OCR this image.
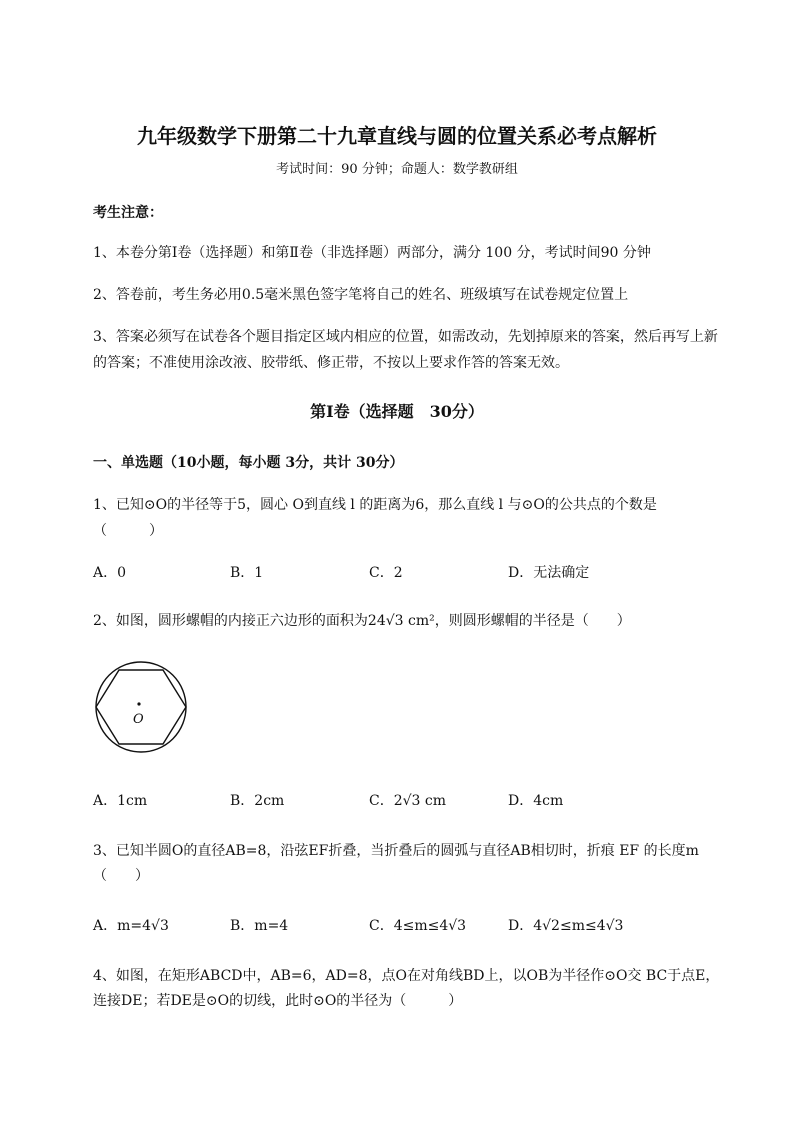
九年级数学下册第二十九章直线与圆的位置关系必考点解析
考试时间：90 分钟；命题人：数学教研组
考生注意：
1、本卷分第Ⅰ卷（选择题）和第Ⅱ卷（非选择题）两部分，满分 100 分，考试时间90 分钟
2、答卷前，考生务必用0.5毫米黑色签字笔将自己的姓名、班级填写在试卷规定位置上
3、答案必须写在试卷各个题目指定区域内相应的位置，如需改动，先划掉原来的答案，然后再写上新
的答案；不准使用涂改液、胶带纸、修正带，不按以上要求作答的答案无效。
第Ⅰ卷（选择题　30分）
一、单选题（10小题，每小题 3分，共计 30分）
1、已知⊙O的半径等于5，圆心 O到直线 l 的距离为6，那么直线 l 与⊙O的公共点的个数是
（　　　）
A．0	B．1	C．2	D．无法确定
2、如图，圆形螺帽的内接正六边形的面积为24√3 cm²，则圆形螺帽的半径是（　　）
O
A．1cm	B．2cm	C．2√3 cm	D．4cm
3、已知半圆O的直径AB=8，沿弦EF折叠，当折叠后的圆弧与直径AB相切时，折痕 EF 的长度m
（　　）
A．m=4√3	B．m=4	C．4≤m≤4√3	D．4√2≤m≤4√3
4、如图，在矩形ABCD中，AB=6，AD=8，点O在对角线BD上，以OB为半径作⊙O交 BC于点E，
连接DE；若DE是⊙O的切线，此时⊙O的半径为（　　　）
